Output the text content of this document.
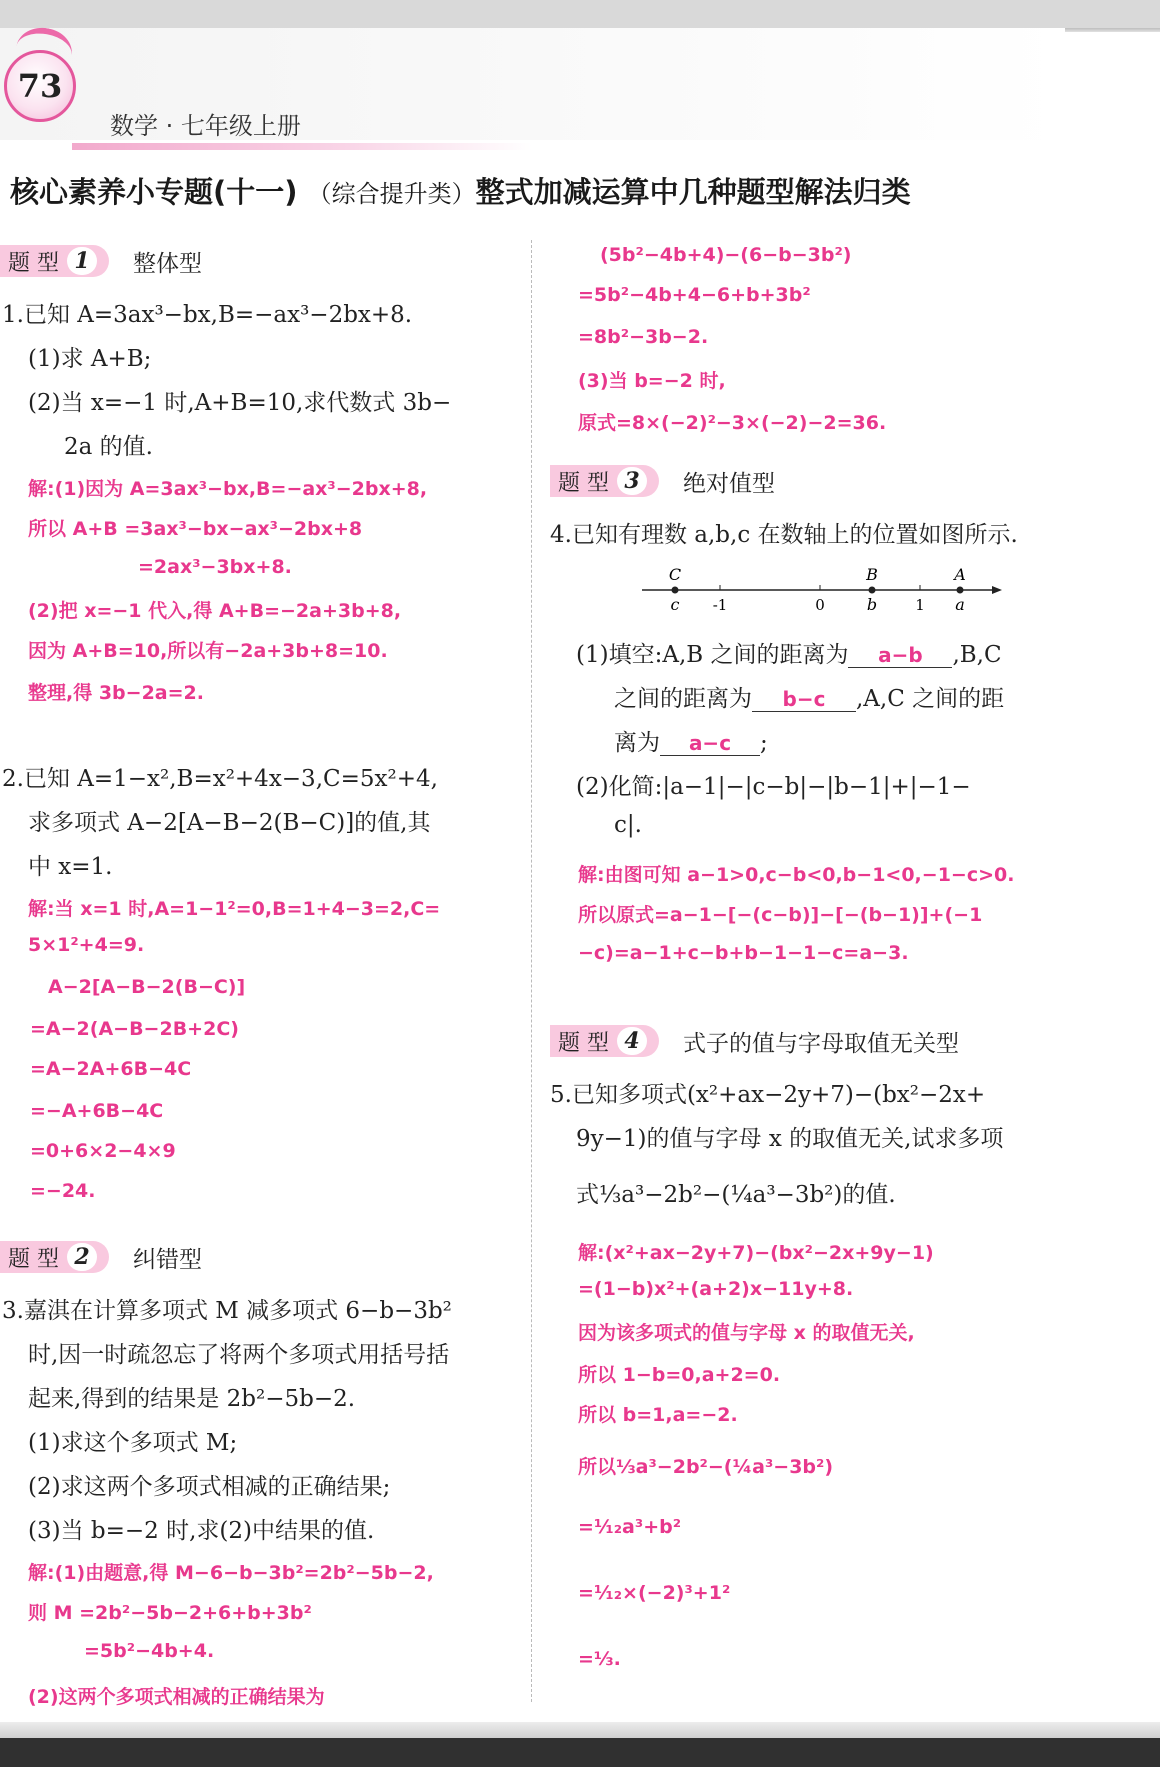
73
数学 · 七年级上册
核心素养小专题(十一) （综合提升类）整式加减运算中几种题型解法归类
题 型 1	整体型
1.已知 A=3ax³−bx,B=−ax³−2bx+8.
(1)求 A+B;
(2)当 x=−1 时,A+B=10,求代数式 3b−
2a 的值.
解:(1)因为 A=3ax³−bx,B=−ax³−2bx+8,
所以 A+B =3ax³−bx−ax³−2bx+8
=2ax³−3bx+8.
(2)把 x=−1 代入,得 A+B=−2a+3b+8,
因为 A+B=10,所以有−2a+3b+8=10.
整理,得 3b−2a=2.
2.已知 A=1−x²,B=x²+4x−3,C=5x²+4,
求多项式 A−2[A−B−2(B−C)]的值,其
中 x=1.
解:当 x=1 时,A=1−1²=0,B=1+4−3=2,C=
5×1²+4=9.
A−2[A−B−2(B−C)]
=A−2(A−B−2B+2C)
=A−2A+6B−4C
=−A+6B−4C
=0+6×2−4×9
=−24.
题 型 2	纠错型
3.嘉淇在计算多项式 M 减多项式 6−b−3b²
时,因一时疏忽忘了将两个多项式用括号括
起来,得到的结果是 2b²−5b−2.
(1)求这个多项式 M;
(2)求这两个多项式相减的正确结果;
(3)当 b=−2 时,求(2)中结果的值.
解:(1)由题意,得 M−6−b−3b²=2b²−5b−2,
则 M =2b²−5b−2+6+b+3b²
=5b²−4b+4.
(2)这两个多项式相减的正确结果为
(5b²−4b+4)−(6−b−3b²)
=5b²−4b+4−6+b+3b²
=8b²−3b−2.
(3)当 b=−2 时,
原式=8×(−2)²−3×(−2)−2=36.
题 型 3	绝对值型
4.已知有理数 a,b,c 在数轴上的位置如图所示.
C	B	A
c -1	0	b	1 a
(1)填空:A,B 之间的距离为 a−b ,B,C
之间的距离为 b−c ,A,C 之间的距
离为 a−c ;
(2)化简:|a−1|−|c−b|−|b−1|+|−1−
c|.
解:由图可知 a−1>0,c−b<0,b−1<0,−1−c>0.
所以原式=a−1−[−(c−b)]−[−(b−1)]+(−1
−c)=a−1+c−b+b−1−1−c=a−3.
题 型 4	式子的值与字母取值无关型
5.已知多项式(x²+ax−2y+7)−(bx²−2x+
9y−1)的值与字母 x 的取值无关,试求多项
式⅓a³−2b²−(¼a³−3b²)的值.
解:(x²+ax−2y+7)−(bx²−2x+9y−1)
=(1−b)x²+(a+2)x−11y+8.
因为该多项式的值与字母 x 的取值无关,
所以 1−b=0,a+2=0.
所以 b=1,a=−2.
所以⅓a³−2b²−(¼a³−3b²)
=¹⁄₁₂a³+b²
=¹⁄₁₂×(−2)³+1²
=⅓.
